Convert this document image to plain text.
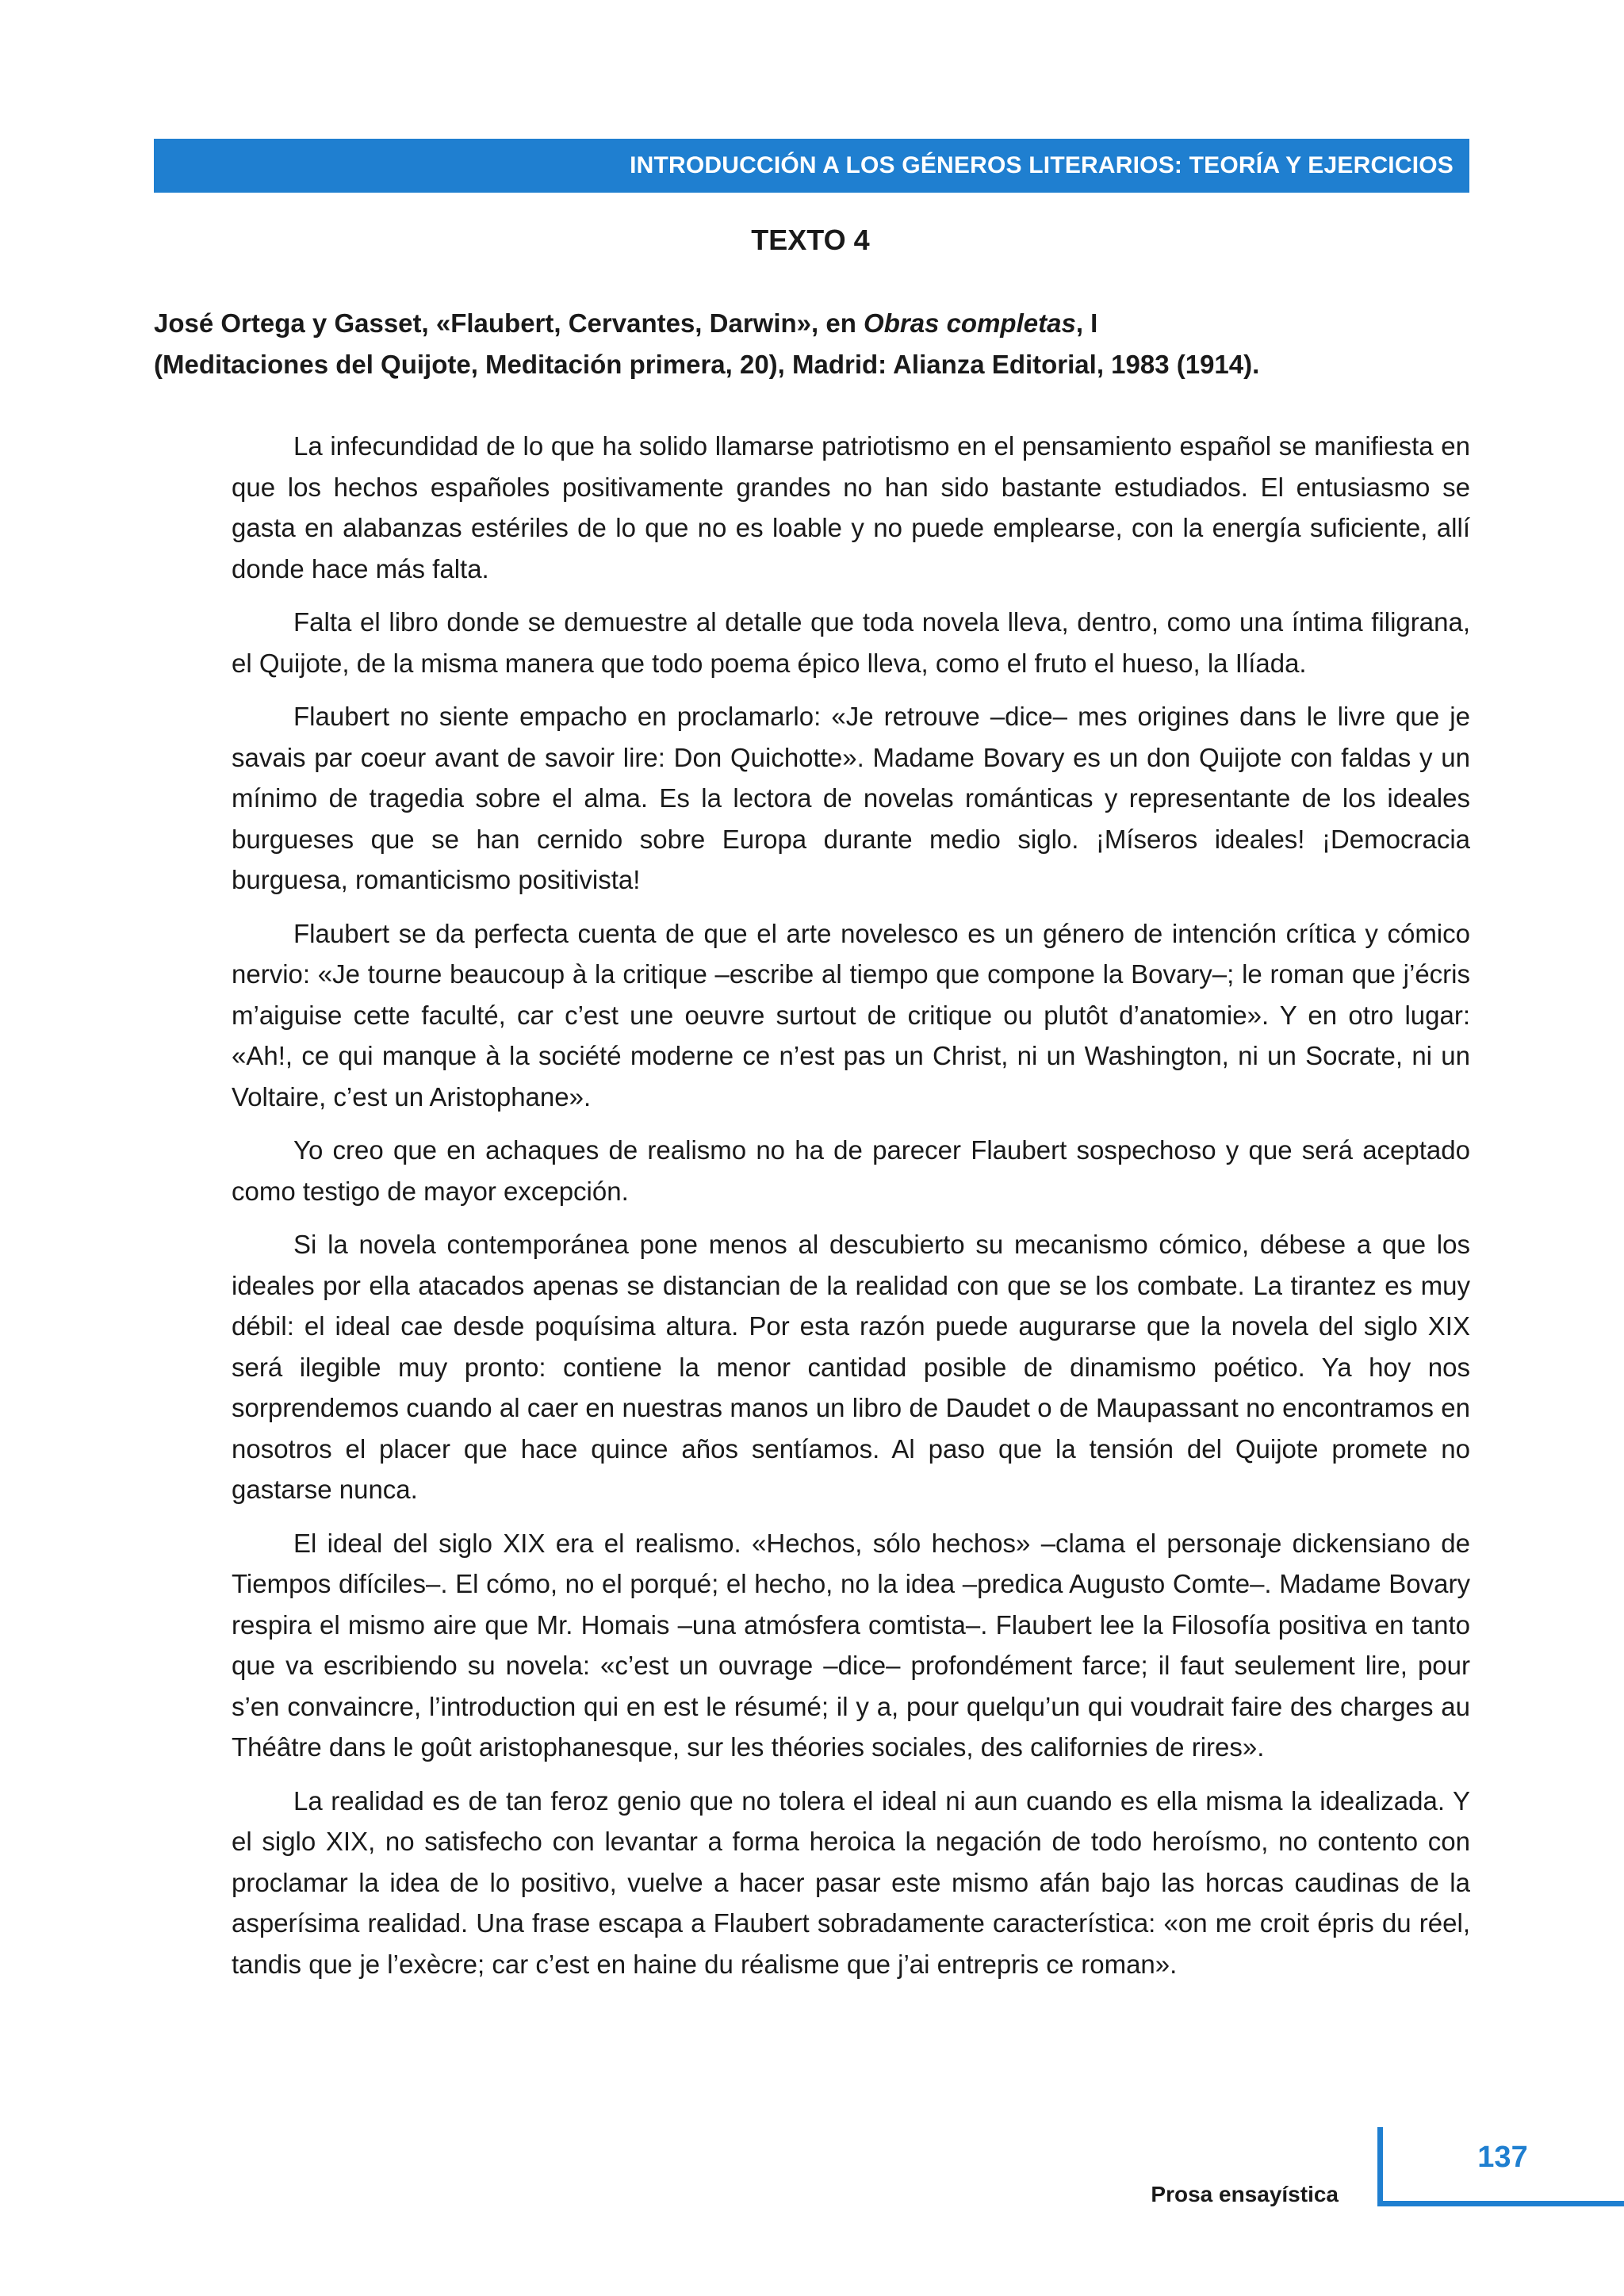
INTRODUCCIÓN A LOS GÉNEROS LITERARIOS: TEORÍA Y EJERCICIOS
TEXTO 4
José Ortega y Gasset, «Flaubert, Cervantes, Darwin», en Obras completas, I
(Meditaciones del Quijote, Meditación primera, 20), Madrid: Alianza Editorial, 1983 (1914).

La infecundidad de lo que ha solido llamarse patriotismo en el pensamiento español se manifiesta en que los hechos españoles positivamente grandes no han sido bastante estudiados. El entusiasmo se gasta en alabanzas estériles de lo que no es loable y no puede emplearse, con la energía suficiente, allí donde hace más falta.

Falta el libro donde se demuestre al detalle que toda novela lleva, dentro, como una íntima filigrana, el Quijote, de la misma manera que todo poema épico lleva, como el fruto el hueso, la Ilíada.

Flaubert no siente empacho en proclamarlo: «Je retrouve –dice– mes origines dans le livre que je savais par coeur avant de savoir lire: Don Quichotte». Madame Bovary es un don Quijote con faldas y un mínimo de tragedia sobre el alma. Es la lectora de novelas románticas y representante de los ideales burgueses que se han cernido sobre Europa durante medio siglo. ¡Míseros ideales! ¡Democracia burguesa, romanticismo positivista!

Flaubert se da perfecta cuenta de que el arte novelesco es un género de intención crítica y cómico nervio: «Je tourne beaucoup à la critique –escribe al tiempo que compone la Bovary–; le roman que j’écris m’aiguise cette faculté, car c’est une oeuvre surtout de critique ou plutôt d’anatomie». Y en otro lugar: «Ah!, ce qui manque à la société moderne ce n’est pas un Christ, ni un Washington, ni un Socrate, ni un Voltaire, c’est un Aristophane».

Yo creo que en achaques de realismo no ha de parecer Flaubert sospechoso y que será aceptado como testigo de mayor excepción.

Si la novela contemporánea pone menos al descubierto su mecanismo cómico, débese a que los ideales por ella atacados apenas se distancian de la realidad con que se los combate. La tirantez es muy débil: el ideal cae desde poquísima altura. Por esta razón puede augurarse que la novela del siglo XIX será ilegible muy pronto: contiene la menor cantidad posible de dinamismo poético. Ya hoy nos sorprendemos cuando al caer en nuestras manos un libro de Daudet o de Maupassant no encontramos en nosotros el placer que hace quince años sentíamos. Al paso que la tensión del Quijote promete no gastarse nunca.

El ideal del siglo XIX era el realismo. «Hechos, sólo hechos» –clama el personaje dickensiano de Tiempos difíciles–. El cómo, no el porqué; el hecho, no la idea –predica Augusto Comte–. Madame Bovary respira el mismo aire que Mr. Homais –una atmósfera comtista–. Flaubert lee la Filosofía positiva en tanto que va escribiendo su novela: «c’est un ouvrage –dice– profondément farce; il faut seulement lire, pour s’en convaincre, l’introduction qui en est le résumé; il y a, pour quelqu’un qui voudrait faire des charges au Théâtre dans le goût aristophanesque, sur les théories sociales, des californies de rires».

La realidad es de tan feroz genio que no tolera el ideal ni aun cuando es ella misma la idealizada. Y el siglo XIX, no satisfecho con levantar a forma heroica la negación de todo heroísmo, no contento con proclamar la idea de lo positivo, vuelve a hacer pasar este mismo afán bajo las horcas caudinas de la asperísima realidad. Una frase escapa a Flaubert sobradamente característica: «on me croit épris du réel, tandis que je l’exècre; car c’est en haine du réalisme que j’ai entrepris ce roman».

137
Prosa ensayística
